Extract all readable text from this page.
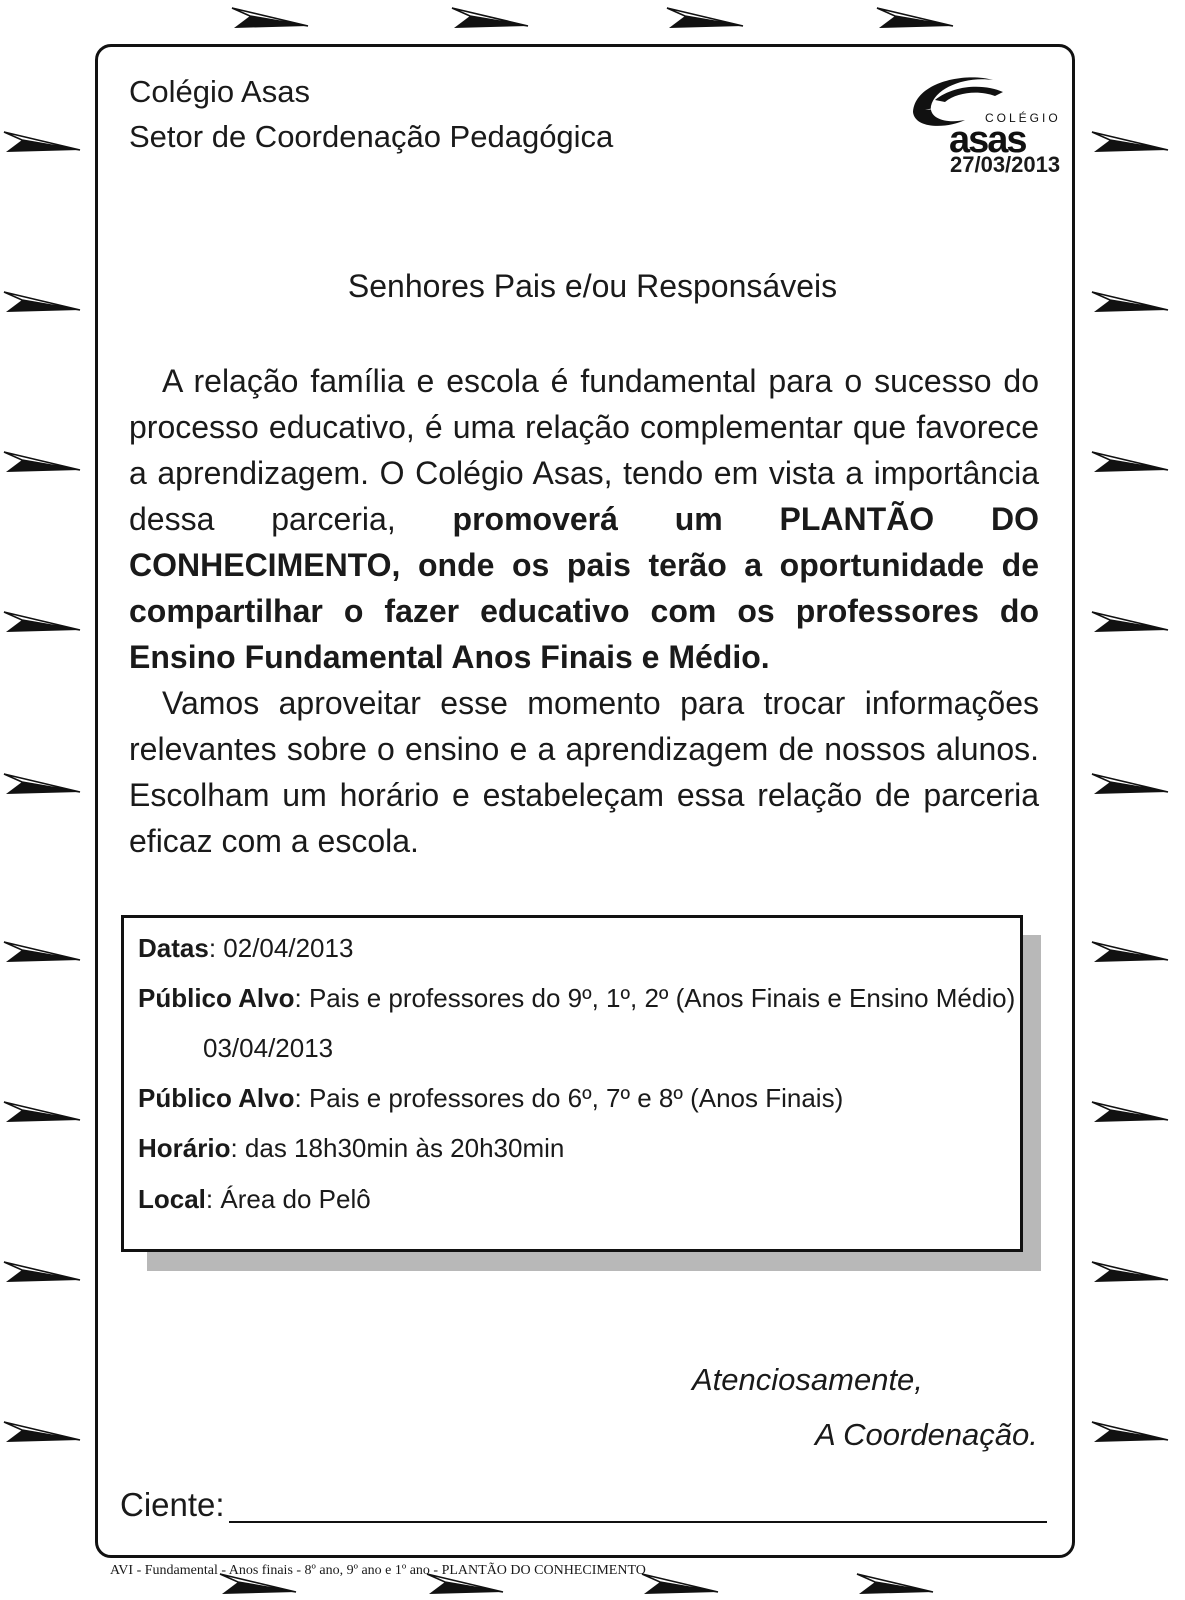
Colégio Asas
Setor de Coordenação Pedagógica
COLÉGIO
asas
27/03/2013
Senhores Pais e/ou Responsáveis

A relação família e escola é fundamental para o sucesso do processo educativo, é uma relação complementar que favorece a aprendizagem. O Colégio Asas, tendo em vista a importância dessa parceria, promoverá um PLANTÃO DO CONHECIMENTO, onde os pais terão a oportunidade de compartilhar o fazer educativo com os professores do Ensino Fundamental Anos Finais e Médio.

Vamos aproveitar esse momento para trocar informações relevantes sobre o ensino e a aprendizagem de nossos alunos. Escolham um horário e estabeleçam essa relação de parceria eficaz com a escola.

Datas: 02/04/2013
Público Alvo: Pais e professores do 9º, 1º, 2º (Anos Finais e Ensino Médio)
03/04/2013
Público Alvo: Pais e professores do 6º, 7º e 8º (Anos Finais)
Horário: das 18h30min às 20h30min
Local: Área do Pelô
Atenciosamente,
A Coordenação.
Ciente:
AVI - Fundamental - Anos finais - 8º ano, 9º ano e 1º ano - PLANTÃO DO CONHECIMENTO
